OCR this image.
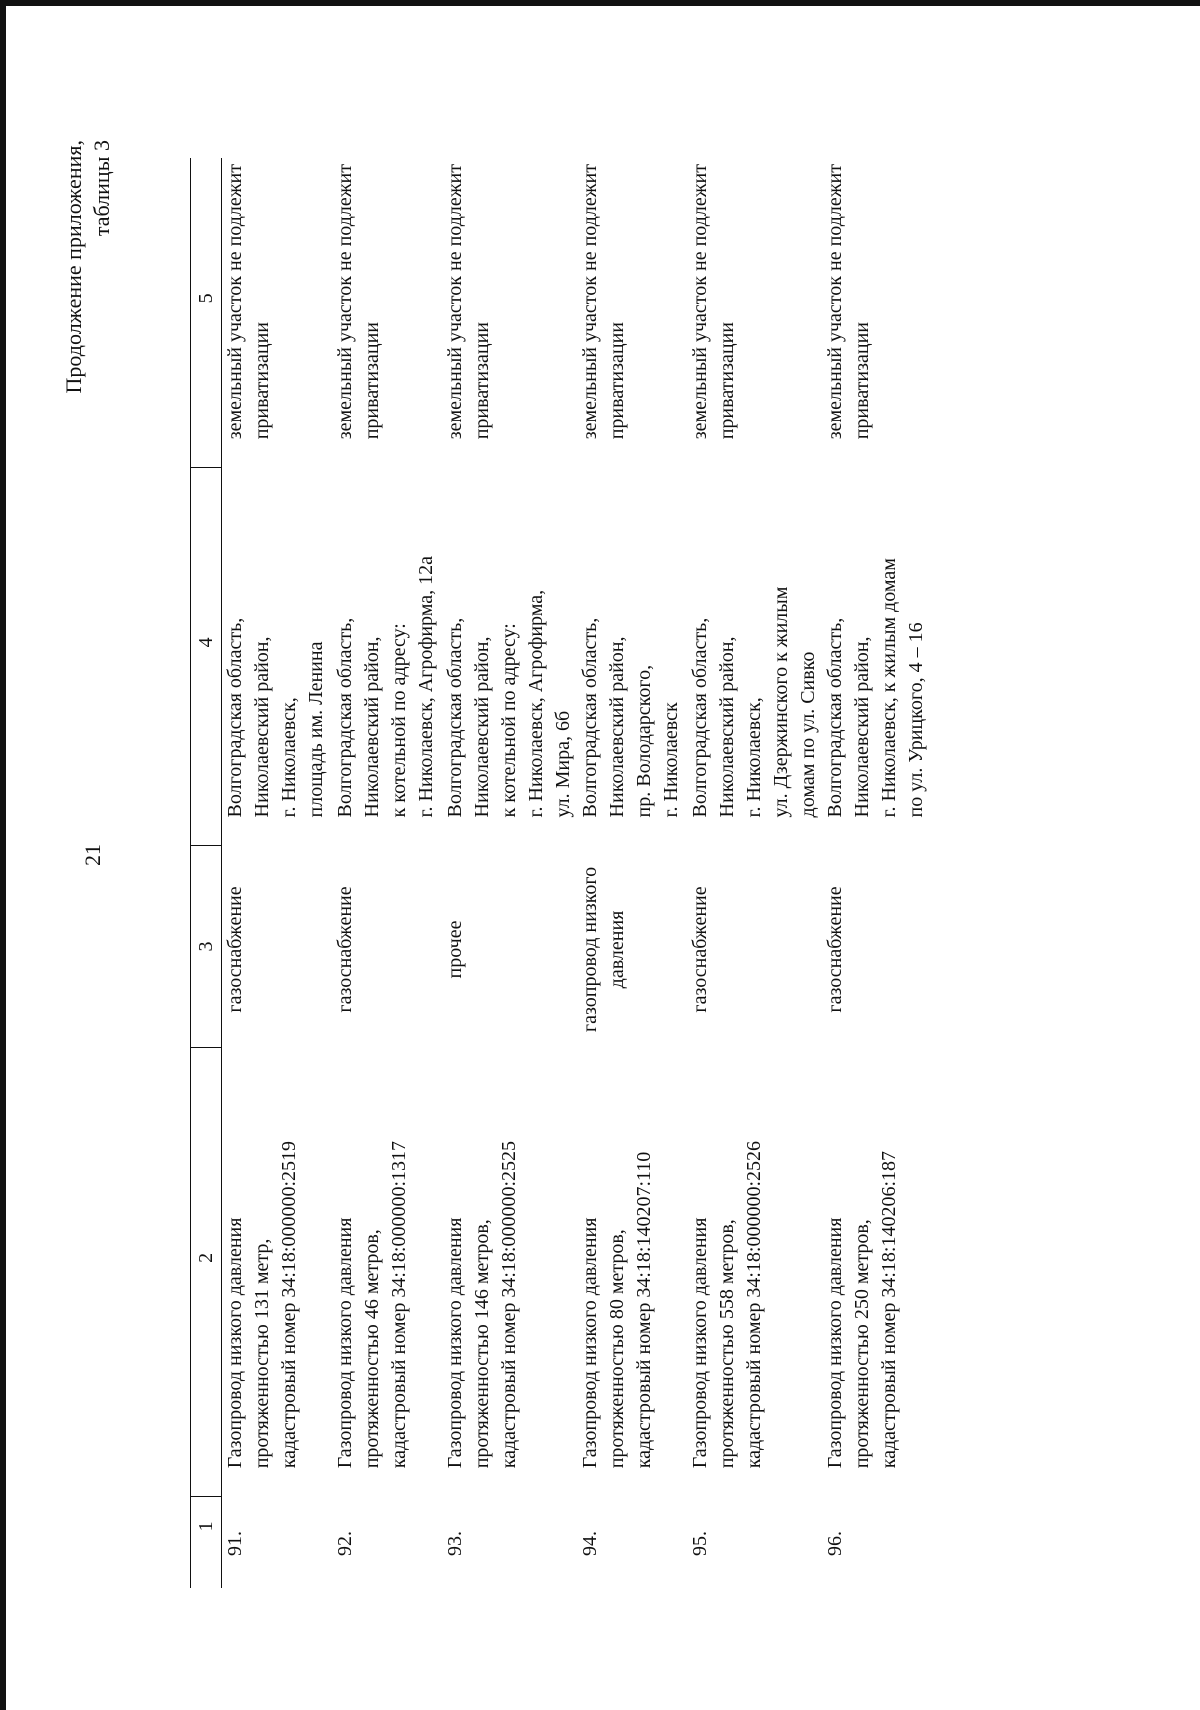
21
Продолжение приложения, таблицы 3
1	2	3	4	5
91.	Газопровод низкого давления протяженностью 131 метр, кадастровый номер 34:18:000000:2519	газоснабжение	Волгоградская область, Николаевский район, г. Николаевск, площадь им. Ленина	земельный участок не подлежит приватизации

92.	Газопровод низкого давления протяженностью 46 метров, кадастровый номер 34:18:000000:1317	газоснабжение	Волгоградская область, Николаевский район, к котельной по адресу: г. Николаевск, Агрофирма, 12а	земельный участок не подлежит приватизации

93.	Газопровод низкого давления протяженностью 146 метров, кадастровый номер 34:18:000000:2525	прочее	Волгоградская область, Николаевский район, к котельной по адресу: г. Николаевск, Агрофирма, ул. Мира, 6б	земельный участок не подлежит приватизации

94.	Газопровод низкого давления протяженностью 80 метров, кадастровый номер 34:18:140207:110	газопровод низкого давления	Волгоградская область, Николаевский район, пр. Володарского, г. Николаевск	земельный участок не подлежит приватизации

95.	Газопровод низкого давления протяженностью 558 метров, кадастровый номер 34:18:000000:2526	газоснабжение	Волгоградская область, Николаевский район, г. Николаевск, ул. Дзержинского к жилым домам по ул. Сивко	земельный участок не подлежит приватизации

96.	Газопровод низкого давления протяженностью 250 метров, кадастровый номер 34:18:140206:187	газоснабжение	Волгоградская область, Николаевский район, г. Николаевск, к жилым домам по ул. Урицкого, 4 – 16	земельный участок не подлежит приватизации
